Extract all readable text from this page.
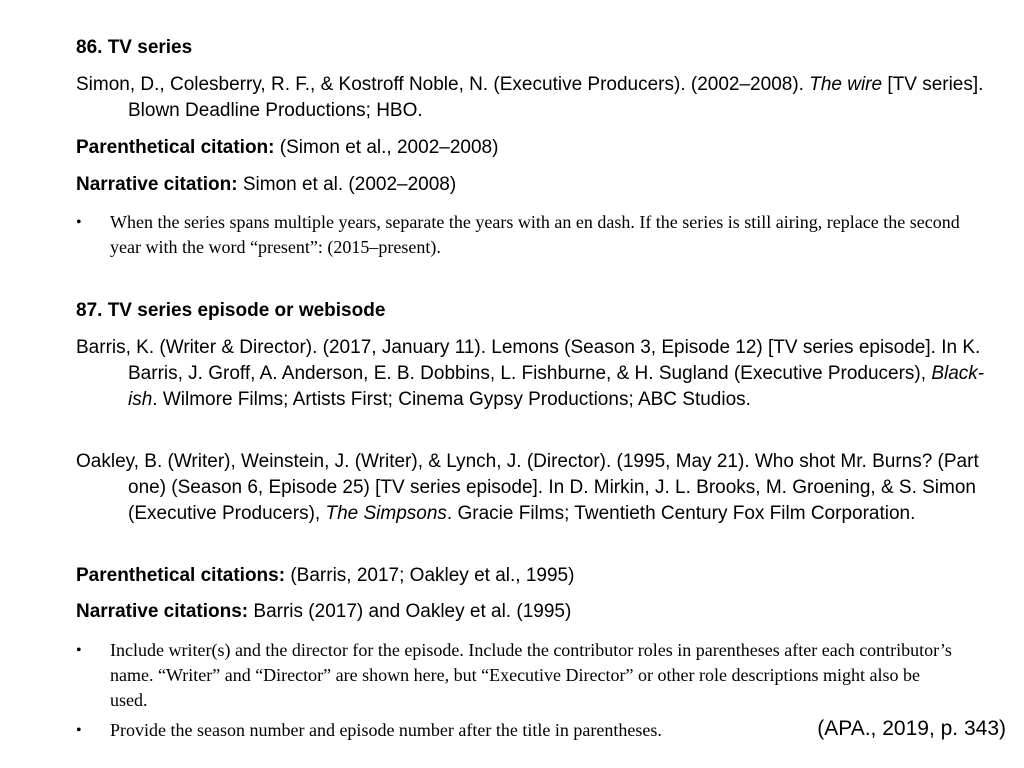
86. TV series

Simon, D., Colesberry, R. F., & Kostroff Noble, N. (Executive Producers). (2002–2008). The wire [TV series]. Blown Deadline Productions; HBO.

Parenthetical citation: (Simon et al., 2002–2008)

Narrative citation: Simon et al. (2002–2008)

• When the series spans multiple years, separate the years with an en dash. If the series is still airing, replace the second year with the word “present”: (2015–present).

87. TV series episode or webisode

Barris, K. (Writer & Director). (2017, January 11). Lemons (Season 3, Episode 12) [TV series episode]. In K. Barris, J. Groff, A. Anderson, E. B. Dobbins, L. Fishburne, & H. Sugland (Executive Producers), Black-ish. Wilmore Films; Artists First; Cinema Gypsy Productions; ABC Studios.

Oakley, B. (Writer), Weinstein, J. (Writer), & Lynch, J. (Director). (1995, May 21). Who shot Mr. Burns? (Part one) (Season 6, Episode 25) [TV series episode]. In D. Mirkin, J. L. Brooks, M. Groening, & S. Simon (Executive Producers), The Simpsons. Gracie Films; Twentieth Century Fox Film Corporation.

Parenthetical citations: (Barris, 2017; Oakley et al., 1995)

Narrative citations: Barris (2017) and Oakley et al. (1995)

• Include writer(s) and the director for the episode. Include the contributor roles in parentheses after each contributor’s name. “Writer” and “Director” are shown here, but “Executive Director” or other role descriptions might also be used.

• Provide the season number and episode number after the title in parentheses.	(APA., 2019, p. 343)
